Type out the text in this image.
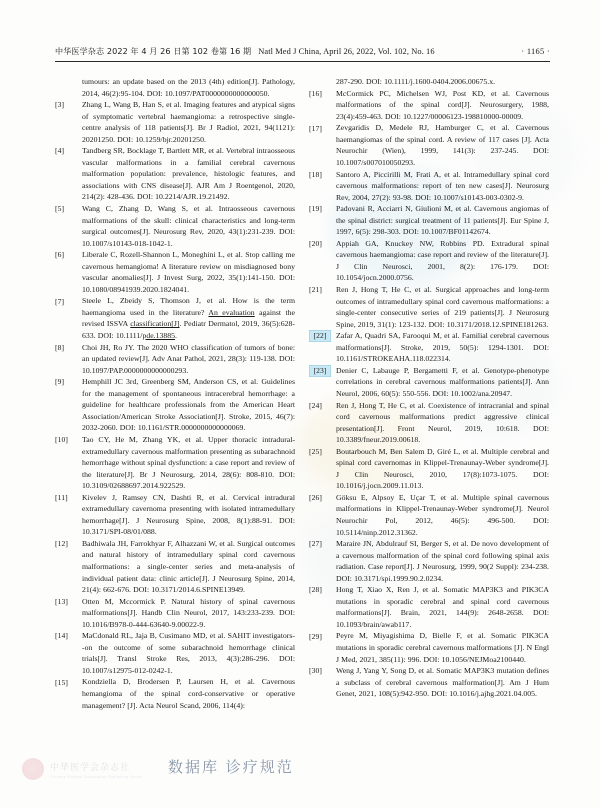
中华医学杂志 2022 年 4 月 26 日第 102 卷第 16 期 Natl Med J China, April 26, 2022, Vol. 102, No. 16	· 1165 ·
tumours: an update based on the 2013 (4th) edition[J]. Pathology, 2014, 46(2):95-104. DOI: 10.1097/PAT0000000000000050.
[3]	Zhang L, Wang B, Han S, et al. Imaging features and atypical signs of symptomatic vertebral haemangioma: a retrospective single-centre analysis of 118 patients[J]. Br J Radiol, 2021, 94(1121): 20201250. DOI: 10.1259/bjr.20201250.
[4]	Tandberg SR, Bocklage T, Bartlett MR, et al. Vertebral intraosseous vascular malformations in a familial cerebral cavernous malformation population: prevalence, histologic features, and associations with CNS disease[J]. AJR Am J Roentgenol, 2020, 214(2): 428-436. DOI: 10.2214/AJR.19.21492.
[5]	Wang C, Zhang D, Wang S, et al. Intraosseous cavernous malformations of the skull: clinical characteristics and long-term surgical outcomes[J]. Neurosurg Rev, 2020, 43(1):231-239. DOI: 10.1007/s10143-018-1042-1.
[6]	Liberale C, Rozell-Shannon L, Moneghini L, et al. Stop calling me cavernous hemangioma! A literature review on misdiagnosed bony vascular anomalies[J]. J Invest Surg, 2022, 35(1):141-150. DOI: 10.1080/08941939.2020.1824041.
[7]	Steele L, Zbeidy S, Thomson J, et al. How is the term haemangioma used in the literature? An evaluation against the revised ISSVA classification[J]. Pediatr Dermatol, 2019, 36(5):628-633. DOI: 10.1111/pde.13885.
[8]	Choi JH, Ro JY. The 2020 WHO classification of tumors of bone: an updated review[J]. Adv Anat Pathol, 2021, 28(3): 119-138. DOI: 10.1097/PAP.0000000000000293.
[9]	Hemphill JC 3rd, Greenberg SM, Anderson CS, et al. Guidelines for the management of spontaneous intracerebral hemorrhage: a guideline for healthcare professionals from the American Heart Association/American Stroke Association[J]. Stroke, 2015, 46(7): 2032-2060. DOI: 10.1161/STR.0000000000000069.
[10]	Tao CY, He M, Zhang YK, et al. Upper thoracic intradural-extramedullary cavernous malformation presenting as subarachnoid hemorrhage without spinal dysfunction: a case report and review of the literature[J]. Br J Neurosurg, 2014, 28(6): 808-810. DOI: 10.3109/02688697.2014.922529.
[11]	Kivelev J, Ramsey CN, Dashti R, et al. Cervical intradural extramedullary cavernoma presenting with isolated intramedullary hemorrhage[J]. J Neurosurg Spine, 2008, 8(1):88-91. DOI: 10.3171/SPI-08/01/088.
[12]	Badhiwala JH, Farrokhyar F, Alhazzani W, et al. Surgical outcomes and natural history of intramedullary spinal cord cavernous malformations: a single-center series and meta-analysis of individual patient data: clinic article[J]. J Neurosurg Spine, 2014, 21(4): 662-676. DOI: 10.3171/2014.6.SPINE13949.
[13]	Otten M, Mccormick P. Natural history of spinal cavernous malformations[J]. Handb Clin Neurol, 2017, 143:233-239. DOI: 10.1016/B978-0-444-63640-9.00022-9.
[14]	MaCdonald RL, Jaja B, Cusimano MD, et al. SAHIT investigators--on the outcome of some subarachnoid hemorrhage clinical trials[J]. Transl Stroke Res, 2013, 4(3):286-296. DOI: 10.1007/s12975-012-0242-1.
[15]	Kondziella D, Brodersen P, Laursen H, et al. Cavernous hemangioma of the spinal cord-conservative or operative management? [J]. Acta Neurol Scand, 2006, 114(4):
287-290. DOI: 10.1111/j.1600-0404.2006.00675.x.
[16]	McCormick PC, Michelsen WJ, Post KD, et al. Cavernous malformations of the spinal cord[J]. Neurosurgery, 1988, 23(4):459-463. DOI: 10.1227/00006123-198810000-00009.
[17]	Zevgaridis D, Medele RJ, Hamburger C, et al. Cavernous haemangiomas of the spinal cord. A review of 117 cases [J]. Acta Neurochir (Wien), 1999, 141(3): 237-245. DOI: 10.1007/s007010050293.
[18]	Santoro A, Piccirilli M, Frati A, et al. Intramedullary spinal cord cavernous malformations: report of ten new cases[J]. Neurosurg Rev, 2004, 27(2): 93-98. DOI: 10.1007/s10143-003-0302-9.
[19]	Padovani R, Acciarri N, Giulioni M, et al. Cavernous angiomas of the spinal district: surgical treatment of 11 patients[J]. Eur Spine J, 1997, 6(5): 298-303. DOI: 10.1007/BF01142674.
[20]	Appiah GA, Knuckey NW, Robbins PD. Extradural spinal cavernous haemangioma: case report and review of the literature[J]. J Clin Neurosci, 2001, 8(2): 176-179. DOI: 10.1054/jocn.2000.0756.
[21]	Ren J, Hong T, He C, et al. Surgical approaches and long-term outcomes of intramedullary spinal cord cavernous malformations: a single-center consecutive series of 219 patients[J]. J Neurosurg Spine, 2019, 31(1): 123-132. DOI: 10.3171/2018.12.SPINE181263.
[22]	Zafar A, Quadri SA, Farooqui M, et al. Familial cerebral cavernous malformations[J]. Stroke, 2019, 50(5): 1294-1301. DOI: 10.1161/STROKEAHA.118.022314.
[23]	Denier C, Labauge P, Bergametti F, et al. Genotype-phenotype correlations in cerebral cavernous malformations patients[J]. Ann Neurol, 2006, 60(5): 550-556. DOI: 10.1002/ana.20947.
[24]	Ren J, Hong T, He C, et al. Coexistence of intracranial and spinal cord cavernous malformations predict aggressive clinical presentation[J]. Front Neurol, 2019, 10:618. DOI: 10.3389/fneur.2019.00618.
[25]	Boutarbouch M, Ben Salem D, Giré L, et al. Multiple cerebral and spinal cord cavernomas in Klippel-Trenaunay-Weber syndrome[J]. J Clin Neurosci, 2010, 17(8):1073-1075. DOI: 10.1016/j.jocn.2009.11.013.
[26]	Göksu E, Alpsoy E, Uçar T, et al. Multiple spinal cavernous malformations in Klippel-Trenaunay-Weber syndrome[J]. Neurol Neurochir Pol, 2012, 46(5): 496-500. DOI: 10.5114/ninp.2012.31362.
[27]	Maraire JN, Abdulrauf SI, Berger S, et al. De novo development of a cavernous malformation of the spinal cord following spinal axis radiation. Case report[J]. J Neurosurg, 1999, 90(2 Suppl): 234-238. DOI: 10.3171/spi.1999.90.2.0234.
[28]	Hong T, Xiao X, Ren J, et al. Somatic MAP3K3 and PIK3CA mutations in sporadic cerebral and spinal cord cavernous malformations[J]. Brain, 2021, 144(9): 2648-2658. DOI: 10.1093/brain/awab117.
[29]	Peyre M, Miyagishima D, Bielle F, et al. Somatic PIK3CA mutations in sporadic cerebral cavernous malformations [J]. N Engl J Med, 2021, 385(11): 996. DOI: 10.1056/NEJMoa2100440.
[30]	Weng J, Yang Y, Song D, et al. Somatic MAP3K3 mutation defines a subclass of cerebral cavernous malformation[J]. Am J Hum Genet, 2021, 108(5):942-950. DOI: 10.1016/j.ajhg.2021.04.005.
中华医学会杂志社
Chinese Medical Association Publishing House
数据库 诊疗规范
